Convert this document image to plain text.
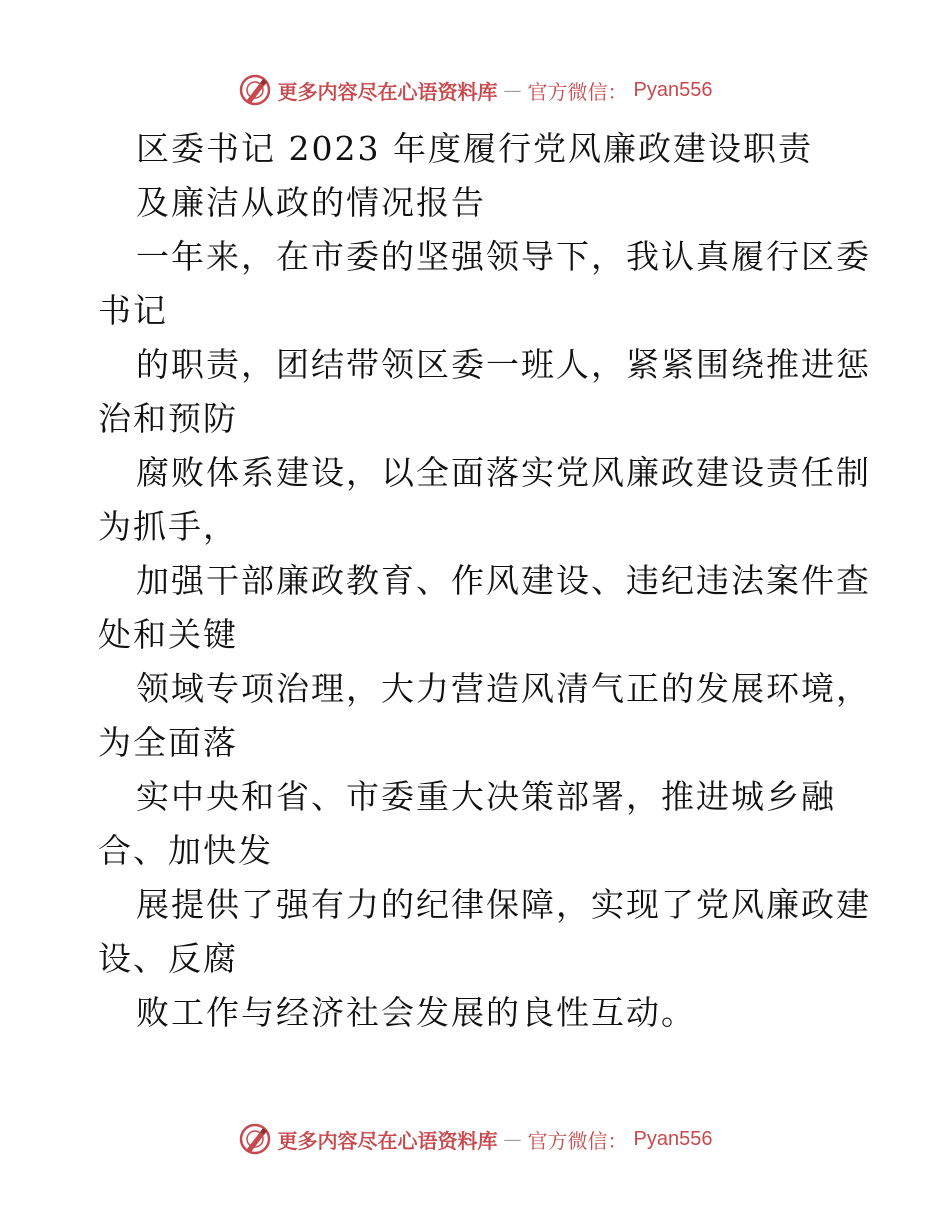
更多内容尽在心语资料库 — 官方微信： Pyan556
区委书记 2023 年度履行党风廉政建设职责
及廉洁从政的情况报告
一年来，在市委的坚强领导下，我认真履行区委
书记
的职责，团结带领区委一班人，紧紧围绕推进惩
治和预防
腐败体系建设，以全面落实党风廉政建设责任制
为抓手，
加强干部廉政教育、作风建设、违纪违法案件查
处和关键
领域专项治理，大力营造风清气正的发展环境，
为全面落
实中央和省、市委重大决策部署，推进城乡融
合、加快发
展提供了强有力的纪律保障，实现了党风廉政建
设、反腐
败工作与经济社会发展的良性互动。
更多内容尽在心语资料库 — 官方微信： Pyan556
